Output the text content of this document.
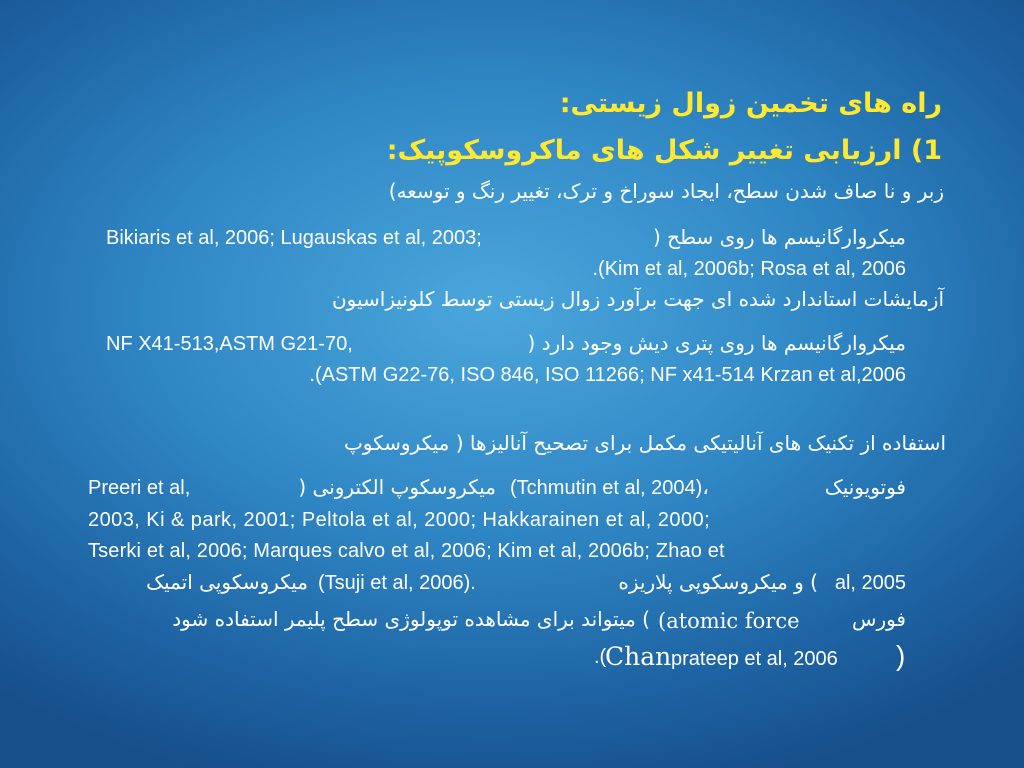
راه های تخمین زوال زیستی:
1) ارزیابی تغییر شکل های ماکروسکوپیک:
زبر و نا صاف شدن سطح، ایجاد سوراخ و ترک، تغییر رنگ و توسعه)
میکروارگانیسم ها روی سطح (
Bikiaris et al, 2006; Lugauskas et al, 2003;
.(Kim et al, 2006b; Rosa et al, 2006
آزمایشات استاندارد شده ای جهت برآورد زوال زیستی توسط کلونیزاسیون
میکروارگانیسم ها روی پتری دیش وجود دارد (
NF X41-513,ASTM G21-70,
.(ASTM G22-76, ISO 846, ISO 11266; NF x41-514 Krzan et al,2006
استفاده از تکنیک های آنالیتیکی مکمل برای تصحیح آنالیزها ( میکروسکوپ
فوتویونیک
(Tchmutin et al, 2004)،
میکروسکوپ الکترونی (
Preeri et al,
2003, Ki & park, 2001; Peltola et al, 2000; Hakkarainen et al, 2000;
Tserki et al, 2006; Marques calvo et al, 2006; Kim et al, 2006b; Zhao et
al, 2005
) و میکروسکوپی پلاریزه
(Tsuji et al, 2006).
میکروسکوپی اتمیک
فورس
(atomic force
) میتواند برای مشاهده توپولوژی سطح پلیمر استفاده شود
.(
Chan prateep et al, 2006 )
